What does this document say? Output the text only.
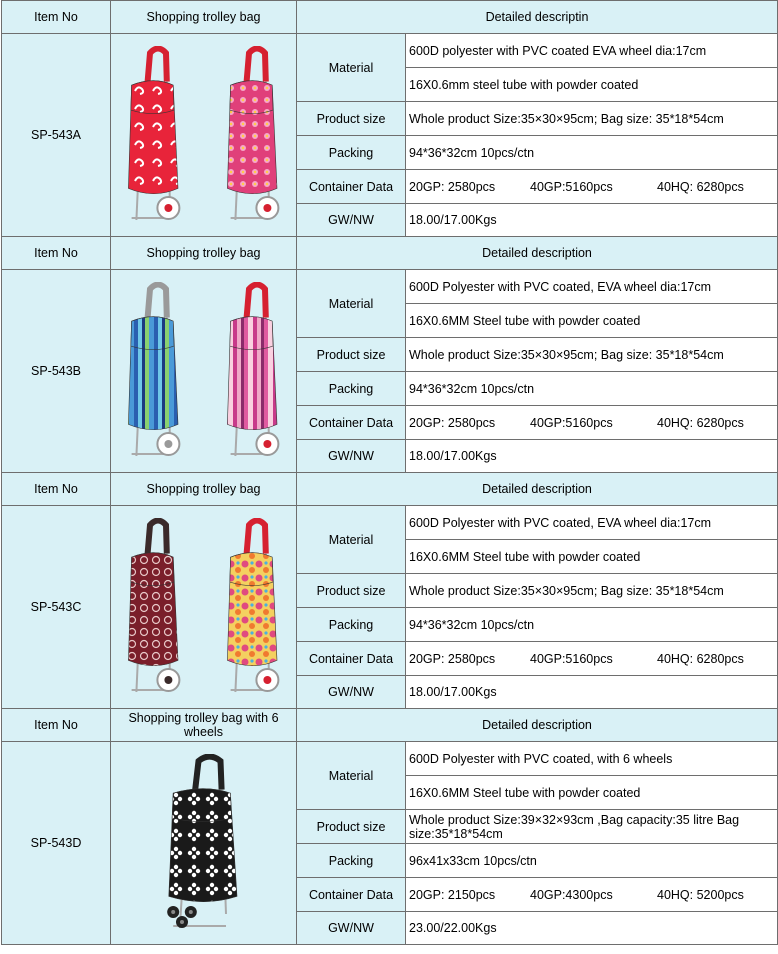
Item No	Shopping trolley bag	Detailed descriptin	
SP-543A		Material	600D polyester with PVC coated EVA wheel dia:17cm
			16X0.6mm steel tube with powder coated
		Product size	Whole product Size:35×30×95cm; Bag size: 35*18*54cm
		Packing	94*36*32cm 10pcs/ctn
		Container Data	20GP: 2580pcs 40GP:5160pcs 40HQ: 6280pcs
		GW/NW	18.00/17.00Kgs
Item No	Shopping trolley bag	Detailed description	
SP-543B		Material	600D Polyester with PVC coated, EVA wheel dia:17cm
			16X0.6MM Steel tube with powder coated
		Product size	Whole product Size:35×30×95cm; Bag size: 35*18*54cm
		Packing	94*36*32cm 10pcs/ctn
		Container Data	20GP: 2580pcs 40GP:5160pcs 40HQ: 6280pcs
		GW/NW	18.00/17.00Kgs
Item No	Shopping trolley bag	Detailed description	
SP-543C		Material	600D Polyester with PVC coated, EVA wheel dia:17cm
			16X0.6MM Steel tube with powder coated
		Product size	Whole product Size:35×30×95cm; Bag size: 35*18*54cm
		Packing	94*36*32cm 10pcs/ctn
		Container Data	20GP: 2580pcs 40GP:5160pcs 40HQ: 6280pcs
		GW/NW	18.00/17.00Kgs
Item No	Shopping trolley bag with 6 wheels	Detailed description	
SP-543D		Material	600D Polyester with PVC coated, with 6 wheels
			16X0.6MM Steel tube with powder coated
		Product size	Whole product Size:39×32×93cm ,Bag capacity:35 litre Bag size:35*18*54cm
		Packing	96x41x33cm 10pcs/ctn
		Container Data	20GP: 2150pcs 40GP:4300pcs 40HQ: 5200pcs
		GW/NW	23.00/22.00Kgs
